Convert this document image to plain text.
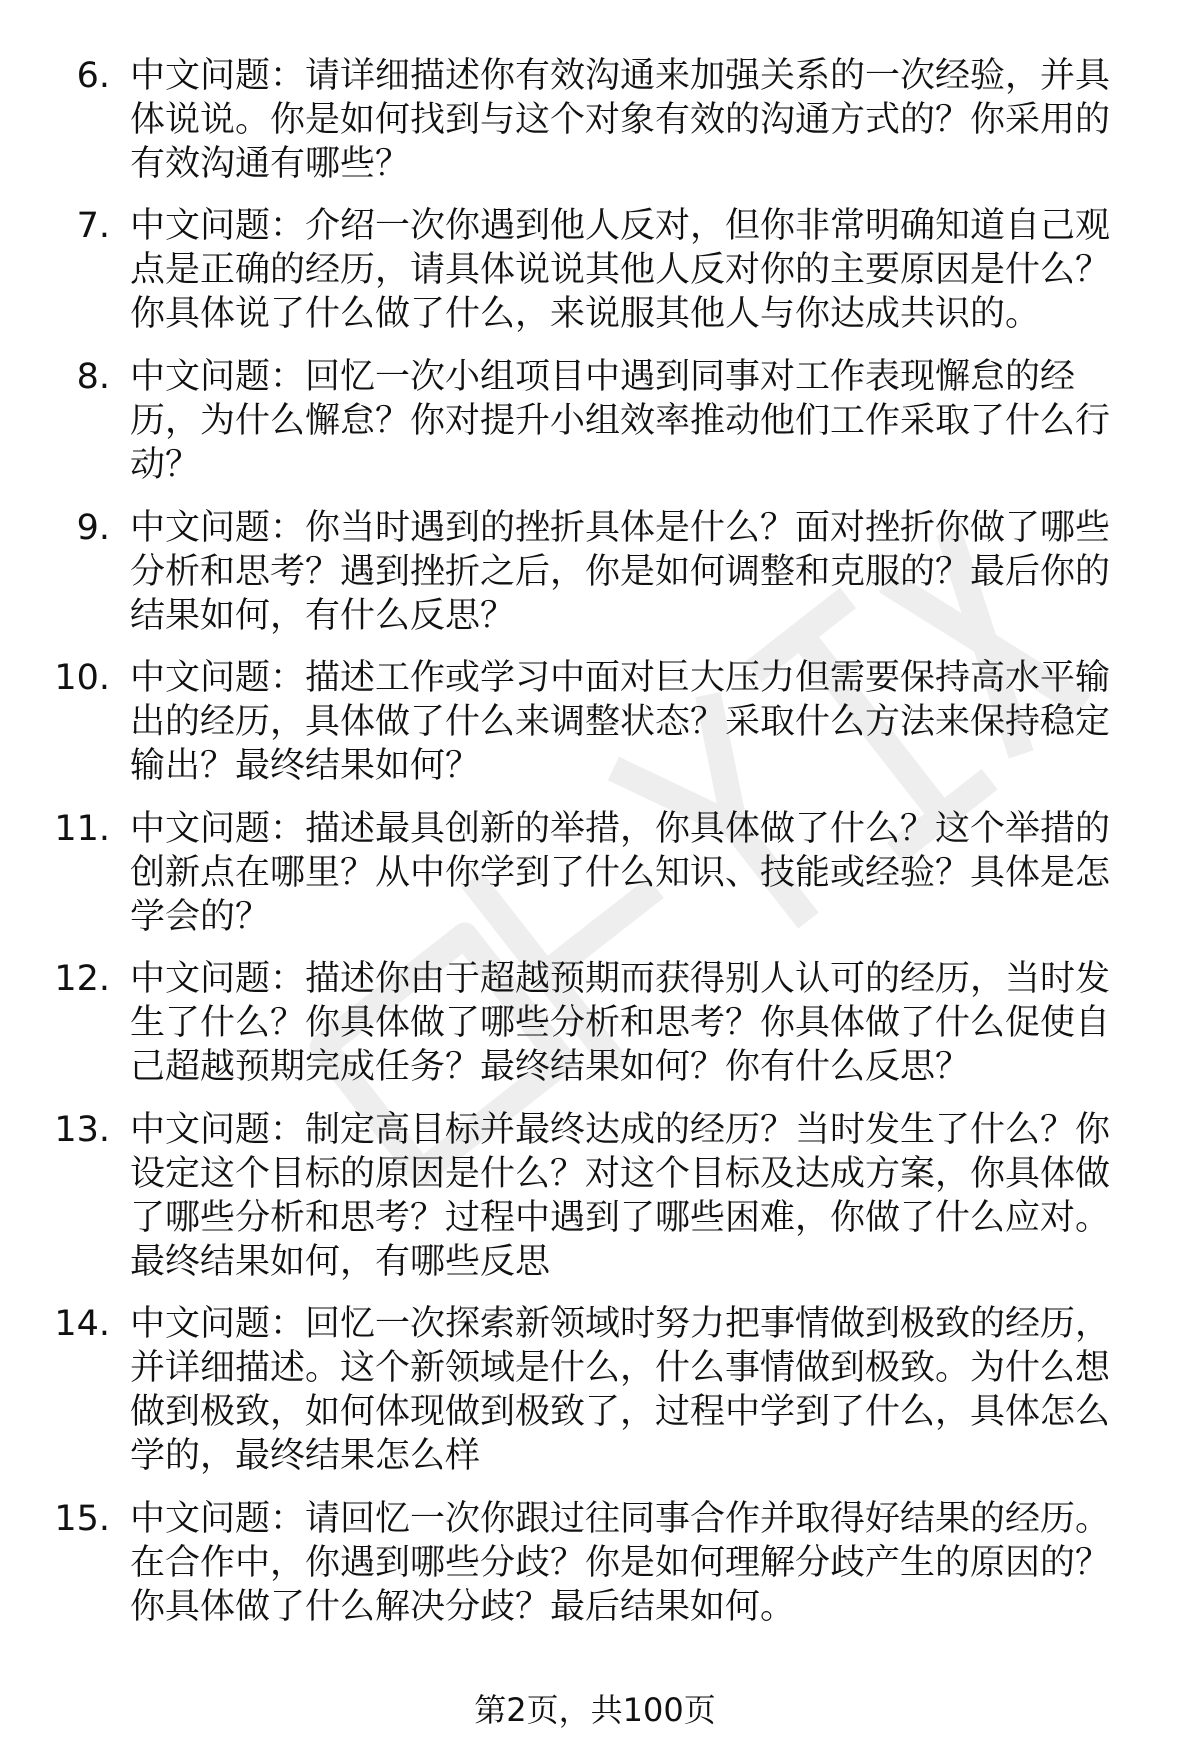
6. 中文问题：请详细描述你有效沟通来加强关系的一次经验，并具体说说。你是如何找到与这个对象有效的沟通方式的？你采用的有效沟通有哪些？
7. 中文问题：介绍一次你遇到他人反对，但你非常明确知道自己观点是正确的经历，请具体说说其他人反对你的主要原因是什么？你具体说了什么做了什么，来说服其他人与你达成共识的。
8. 中文问题：回忆一次小组项目中遇到同事对工作表现懈怠的经历，为什么懈怠？你对提升小组效率推动他们工作采取了什么行动？
9. 中文问题：你当时遇到的挫折具体是什么？面对挫折你做了哪些分析和思考？遇到挫折之后，你是如何调整和克服的？最后你的结果如何，有什么反思？
10. 中文问题：描述工作或学习中面对巨大压力但需要保持高水平输出的经历，具体做了什么来调整状态？采取什么方法来保持稳定输出？最终结果如何？
11. 中文问题：描述最具创新的举措，你具体做了什么？这个举措的创新点在哪里？从中你学到了什么知识、技能或经验？具体是怎学会的？
12. 中文问题：描述你由于超越预期而获得别人认可的经历，当时发生了什么？你具体做了哪些分析和思考？你具体做了什么促使自己超越预期完成任务？最终结果如何？你有什么反思？
13. 中文问题：制定高目标并最终达成的经历？当时发生了什么？你设定这个目标的原因是什么？对这个目标及达成方案，你具体做了哪些分析和思考？过程中遇到了哪些困难，你做了什么应对。最终结果如何，有哪些反思
14. 中文问题：回忆一次探索新领域时努力把事情做到极致的经历，并详细描述。这个新领域是什么，什么事情做到极致。为什么想做到极致，如何体现做到极致了，过程中学到了什么，具体怎么学的，最终结果怎么样
15. 中文问题：请回忆一次你跟过往同事合作并取得好结果的经历。在合作中，你遇到哪些分歧？你是如何理解分歧产生的原因的？你具体做了什么解决分歧？最后结果如何。
第2页，共100页
